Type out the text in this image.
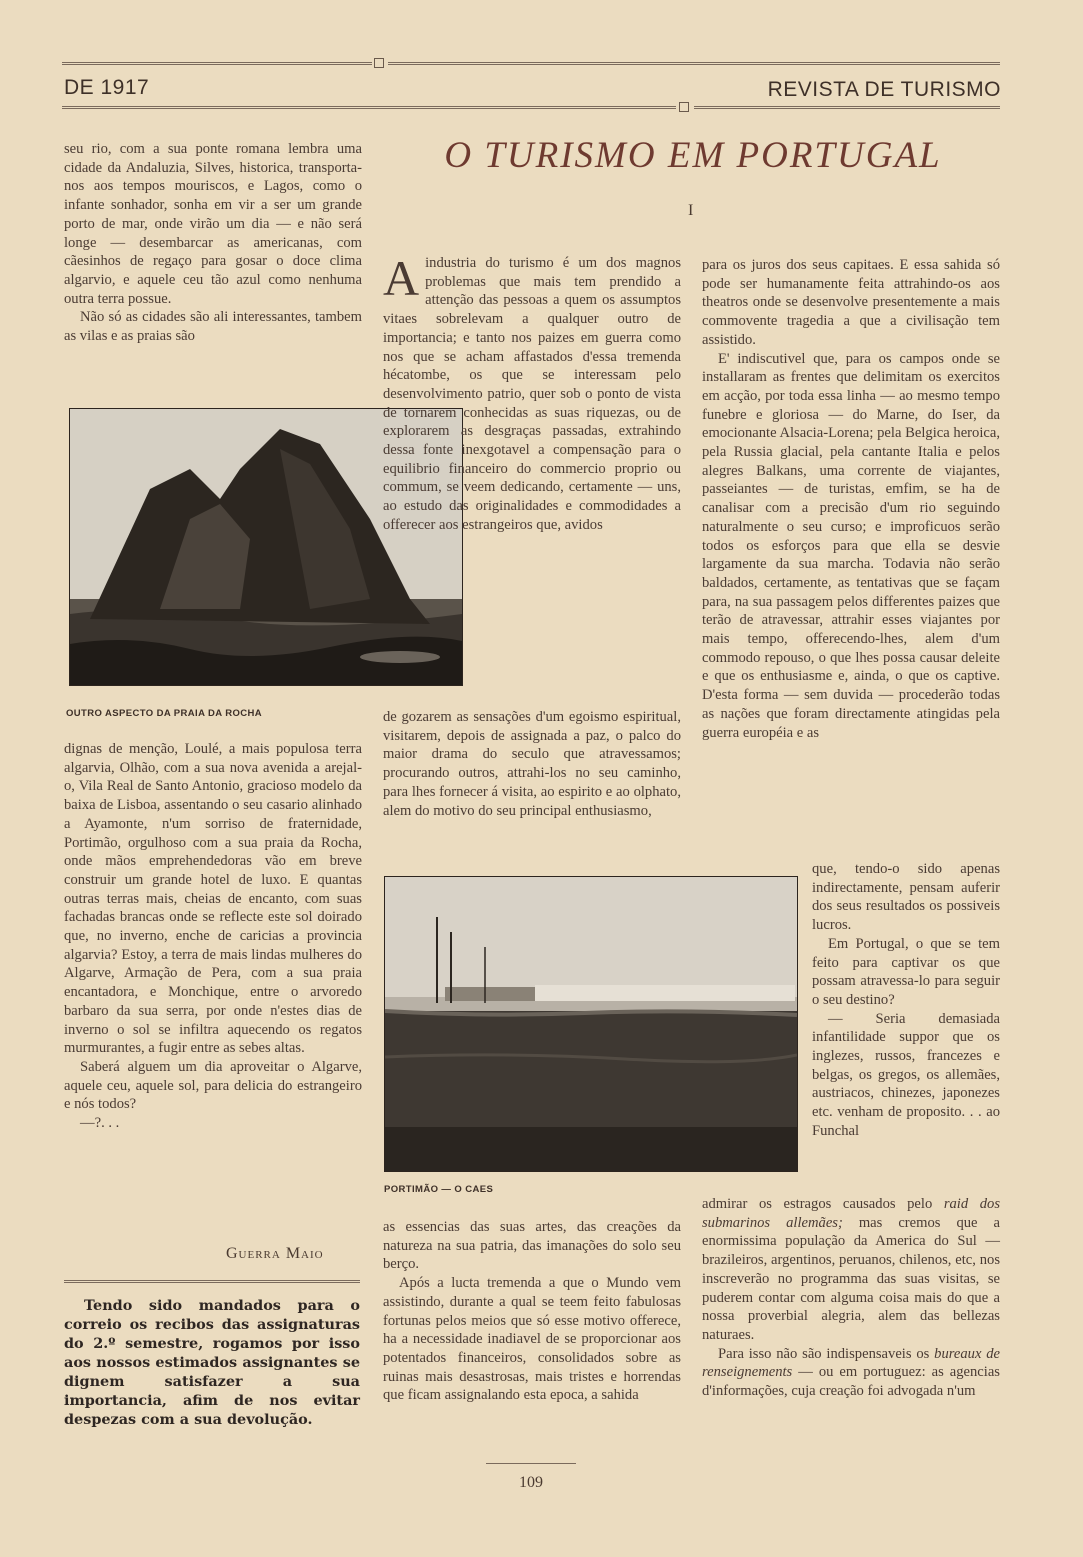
DE 1917	REVISTA DE TURISMO

seu rio, com a sua ponte romana lembra uma cidade da Andaluzia, Silves, historica, transporta-nos aos tempos mouriscos, e Lagos, como o infante sonhador, sonha em vir a ser um grande porto de mar, onde virão um dia — e não será longe — desembarcar as americanas, com cãesinhos de regaço para gosar o doce clima algarvio, e aquele ceu tão azul como nenhuma outra terra possue.

Não só as cidades são ali interessantes, tambem as vilas e as praias são

OUTRO ASPECTO DA PRAIA DA ROCHA

dignas de menção, Loulé, a mais populosa terra algarvia, Olhão, com a sua nova avenida a arejal-o, Vila Real de Santo Antonio, gracioso modelo da baixa de Lisboa, assentando o seu casario alinhado a Ayamonte, n'um sorriso de fraternidade, Portimão, orgulhoso com a sua praia da Rocha, onde mãos emprehendedoras vão em breve construir um grande hotel de luxo. E quantas outras terras mais, cheias de encanto, com suas fachadas brancas onde se reflecte este sol doirado que, no inverno, enche de caricias a provincia algarvia? Estoy, a terra de mais lindas mulheres do Algarve, Armação de Pera, com a sua praia encantadora, e Monchique, entre o arvoredo barbaro da sua serra, por onde n'estes dias de inverno o sol se infiltra aquecendo os regatos murmurantes, a fugir entre as sebes altas.

Saberá alguem um dia aproveitar o Algarve, aquele ceu, aquele sol, para delicia do estrangeiro e nós todos?

—?. . .

Guerra Maio
Tendo sido mandados para o correio os recibos das assignaturas do 2.º semestre, rogamos por isso aos nossos estimados assignantes se dignem satisfazer a sua importancia, afim de nos evitar despezas com a sua devolução.
O TURISMO EM PORTUGAL
I

Aindustria do turismo é um dos magnos problemas que mais tem prendido a attenção das pessoas a quem os assumptos vitaes sobrelevam a qualquer outro de importancia; e tanto nos paizes em guerra como nos que se acham affastados d'essa tremenda hécatombe, os que se interessam pelo desenvolvimento patrio, quer sob o ponto de vista de tornarem conhecidas as suas riquezas, ou de explorarem as desgraças passadas, extrahindo dessa fonte inexgotavel a compensação para o equilibrio financeiro do commercio proprio ou commum, se veem dedicando, certamente — uns, ao estudo das originalidades e commodidades a offerecer aos estrangeiros que, avidos

de gozarem as sensações d'um egoismo espiritual, visitarem, depois de assignada a paz, o palco do maior drama do seculo que atravessamos; procurando outros, attrahi-los no seu caminho, para lhes fornecer á visita, ao espirito e ao olphato, alem do motivo do seu principal enthusiasmo,

PORTIMÃO — O CAES

as essencias das suas artes, das creações da natureza na sua patria, das imanações do solo seu berço.

Após a lucta tremenda a que o Mundo vem assistindo, durante a qual se teem feito fabulosas fortunas pelos meios que só esse motivo offerece, ha a necessidade inadiavel de se proporcionar aos potentados financeiros, consolidados sobre as ruinas mais desastrosas, mais tristes e horrendas que ficam assignalando esta epoca, a sahida

para os juros dos seus capitaes. E essa sahida só pode ser humanamente feita attrahindo-os aos theatros onde se desenvolve presentemente a mais commovente tragedia a que a civilisação tem assistido.

E' indiscutivel que, para os campos onde se installaram as frentes que delimitam os exercitos em acção, por toda essa linha — ao mesmo tempo funebre e gloriosa — do Marne, do Iser, da emocionante Alsacia-Lorena; pela Belgica heroica, pela Russia glacial, pela cantante Italia e pelos alegres Balkans, uma corrente de viajantes, passeiantes — de turistas, emfim, se ha de canalisar com a precisão d'um rio seguindo naturalmente o seu curso; e improficuos serão todos os esforços para que ella se desvie largamente da sua marcha. Todavia não serão baldados, certamente, as tentativas que se façam para, na sua passagem pelos differentes paizes que terão de atravessar, attrahir esses viajantes por mais tempo, offerecendo-lhes, alem d'um commodo repouso, o que lhes possa causar deleite e que os enthusiasme e, ainda, o que os captive. D'esta forma — sem duvida — procederão todas as nações que foram directamente atingidas pela guerra européia e as

que, tendo-o sido apenas indirectamente, pensam auferir dos seus resultados os possiveis lucros.

Em Portugal, o que se tem feito para captivar os que possam atravessa-lo para seguir o seu destino?

— Seria demasiada infantilidade suppor que os inglezes, russos, francezes e belgas, os gregos, os allemães, austriacos, chinezes, japonezes etc. venham de proposito. . . ao Funchal

admirar os estragos causados pelo raid dos submarinos allemães; mas cremos que a enormissima população da America do Sul — brazileiros, argentinos, peruanos, chilenos, etc, nos inscreverão no programma das suas visitas, se puderem contar com alguma coisa mais do que a nossa proverbial alegria, alem das bellezas naturaes.

Para isso não são indispensaveis os bureaux de renseignements — ou em portuguez: as agencias d'informações, cuja creação foi advogada n'um

109
